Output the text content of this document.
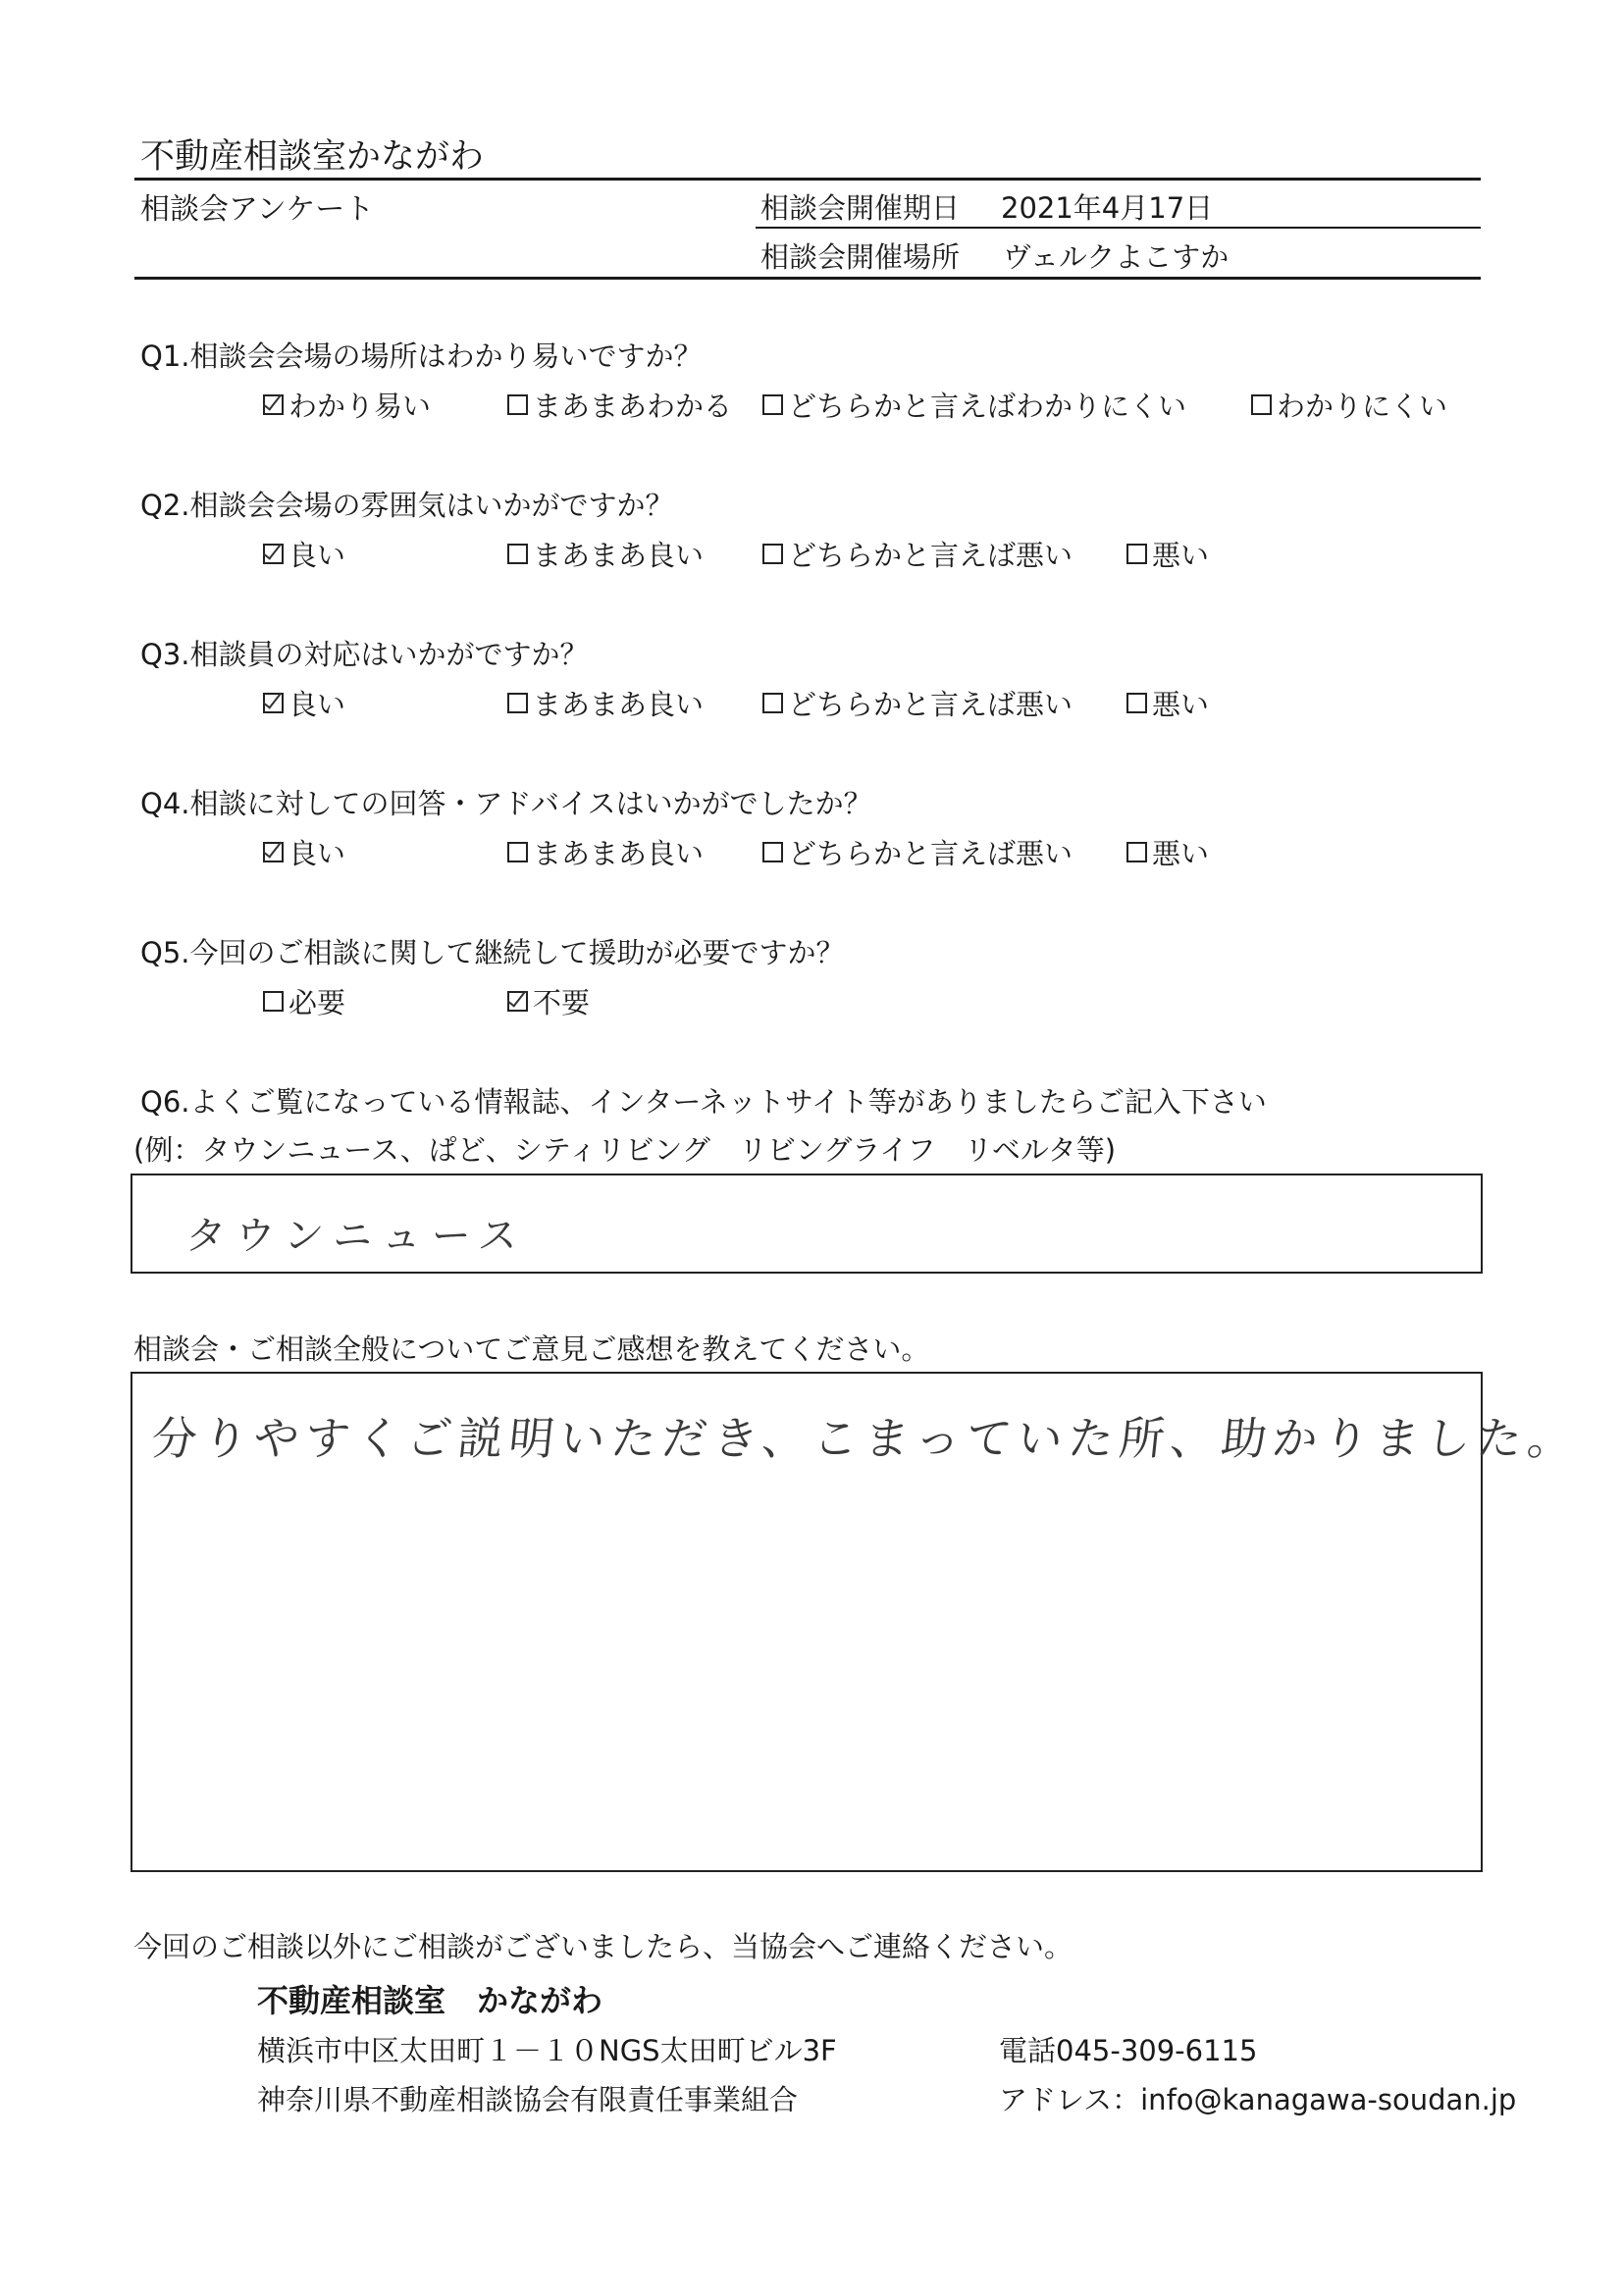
不動産相談室かながわ
相談会アンケート	相談会開催期日 2021年4月17日
相談会開催場所 ヴェルクよこすか
Q1.相談会会場の場所はわかり易いですか？
わかり易い	まあまあわかる どちらかと言えばわかりにくい	わかりにくい
Q2.相談会会場の雰囲気はいかがですか？
良い	まあまあ良い	どちらかと言えば悪い	悪い
Q3.相談員の対応はいかがですか？
良い	まあまあ良い	どちらかと言えば悪い	悪い
Q4.相談に対しての回答・アドバイスはいかがでしたか？
良い	まあまあ良い	どちらかと言えば悪い	悪い
Q5.今回のご相談に関して継続して援助が必要ですか？
必要	不要
Q6.よくご覧になっている情報誌、インターネットサイト等がありましたらご記入下さい
(例：タウンニュース、ぱど、シティリビング　リビングライフ　リベルタ等)
タウンニュース
相談会・ご相談全般についてご意見ご感想を教えてください。
分りやすくご説明いただき、こまっていた所、助かりました。
今回のご相談以外にご相談がございましたら、当協会へご連絡ください。
不動産相談室　かながわ
横浜市中区太田町１－１０NGS太田町ビル3F	電話045-309-6115
神奈川県不動産相談協会有限責任事業組合	アドレス：info@kanagawa-soudan.jp
